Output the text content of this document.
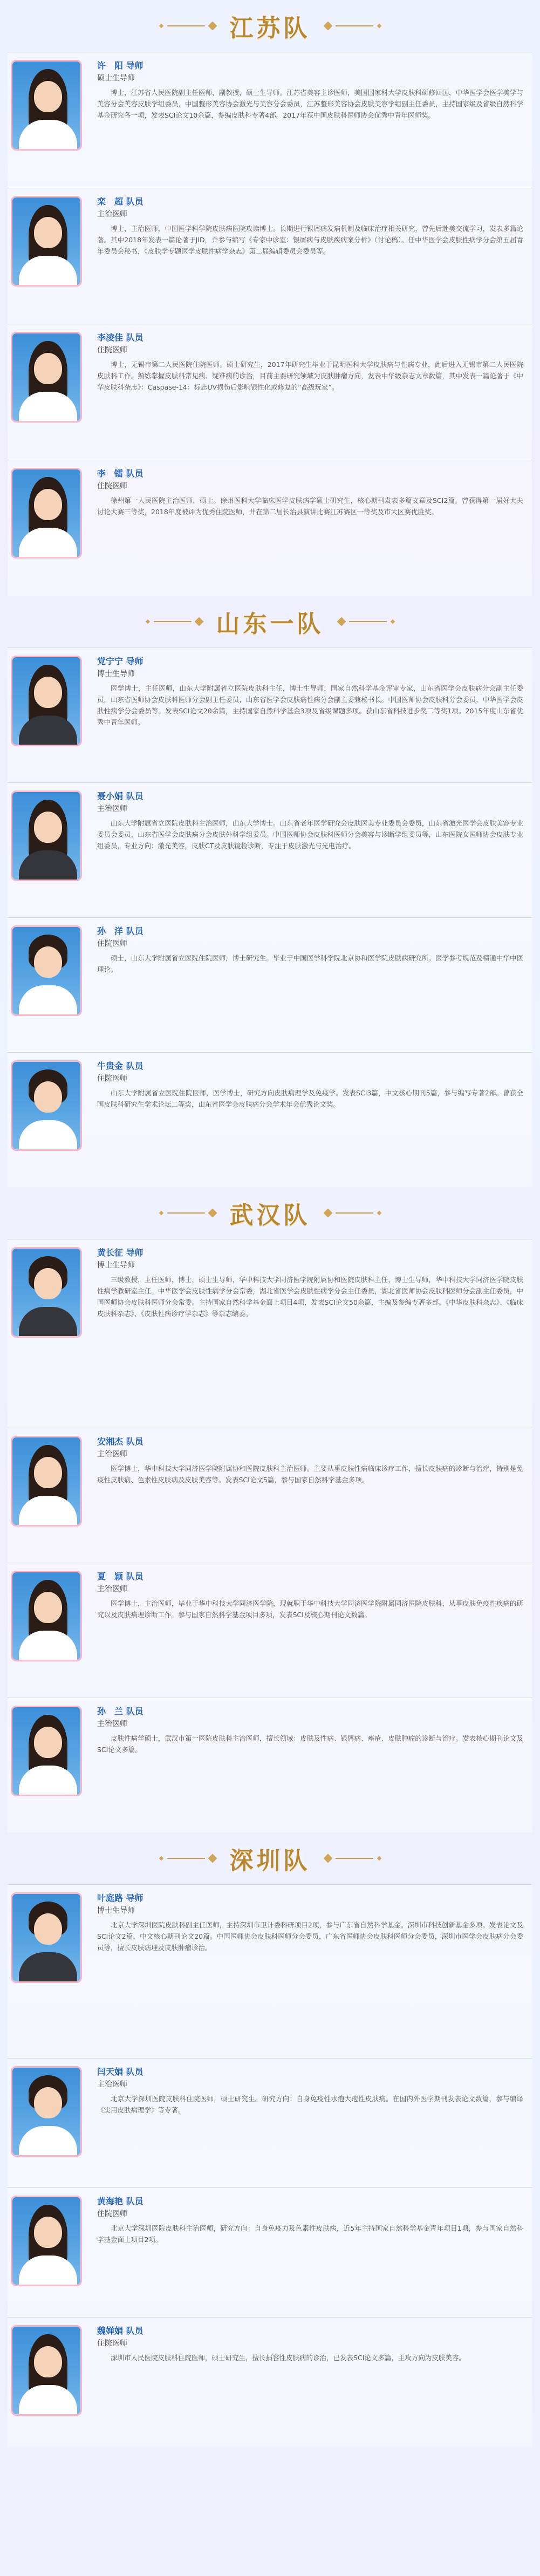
江苏队

许　阳 导师

硕士生导师

博士，江苏省人民医院副主任医师，副教授，硕士生导师。江苏省美容主诊医师，美国国家科大学皮肤科研修回国，中华医学会医学美学与美容分会美容皮肤学组委员，中国整形美容协会激光与美容分会委员，江苏整形美容协会皮肤美容学组副主任委员，主持国家级及省级自然科学基金研究各一项，发表SCI论文10余篇，参编皮肤科专著4部。2017年获中国皮肤科医师协会优秀中青年医师奖。

栾　超 队员

主治医师

博士，主治医师，中国医学科学院皮肤病医院攻读博士。长期进行银屑病发病机制及临床治疗相关研究，曾先后赴美交流学习，发表多篇论著。其中2018年发表一篇论著于JID，并参与编写《专家中诊室：银屑病与皮肤疾病案分析》（讨论稿）。任中华医学会皮肤性病学分会第五届青年委员会秘书，《皮肤学专题医学皮肤性病学杂志》第二届编辑委员会委员等。

李凌佳 队员

住院医师

博士，无锡市第二人民医院住院医师。硕士研究生，2017年研究生毕业于昆明医科大学皮肤病与性病专业，此后进入无锡市第二人民医院皮肤科工作。熟练掌握皮肤科常见病、疑难病的诊治，目前主要研究领域为皮肤肿瘤方向，发表中华级杂志文章数篇，其中发表一篇论著于《中华皮肤科杂志》：Caspase-14：标志UV损伤后影响银性化或修复的“高级玩家”。

李　镭 队员

住院医师

徐州第一人民医院主治医师，硕士。徐州医科大学临床医学皮肤病学硕士研究生，核心期刊发表多篇文章及SCI2篇。曾获得第一届好大夫讨论大赛三等奖，2018年度被评为优秀住院医师，并在第二届长治县演讲比赛江苏赛区一等奖及市大区赛优胜奖。

山东一队

党宁宁 导师

博士生导师

医学博士，主任医师，山东大学附属省立医院皮肤科主任，博士生导师，国家自然科学基金评审专家，山东省医学会皮肤病分会副主任委员，山东省医师协会皮肤科医师分会副主任委员，山东省医学会皮肤病性病分会副主委兼秘书长。中国医师协会皮肤科分会委员，中华医学会皮肤性病学分会委员等。发表SCI论文20余篇，主持国家自然科学基金3项及省级课题多项。获山东省科技进步奖二等奖1项。2015年度山东省优秀中青年医师。

聂小娟 队员

主治医师

山东大学附属省立医院皮肤科主治医师，山东大学博士。山东省老年医学研究会皮肤医美专业委员会委员，山东省激光医学会皮肤美容专业委员会委员，山东省医学会皮肤病分会皮肤外科学组委员。中国医师协会皮肤科医师分会美容与诊断学组委员等，山东医院女医师协会皮肤专业组委员，专业方向：激光美容，皮肤CT及皮肤镜检诊断，专注于皮肤激光与光电治疗。

孙　洋 队员

住院医师

硕士，山东大学附属省立医院住院医师，博士研究生。毕业于中国医学科学院北京协和医学院皮肤病研究所。医学参考规范及精通中华中医理论。

牛贵金 队员

住院医师

山东大学附属省立医院住院医师，医学博士，研究方向皮肤病理学及免疫学。发表SCI3篇，中文核心期刊5篇，参与编写专著2部。曾获全国皮肤科研究生学术论坛二等奖，山东省医学会皮肤病分会学术年会优秀论文奖。

武汉队

黄长征 导师

博士生导师

三级教授，主任医师，博士，硕士生导师，华中科技大学同济医学院附属协和医院皮肤科主任，博士生导师，华中科技大学同济医学院皮肤性病学教研室主任。中华医学会皮肤性病学分会常委，湖北省医学会皮肤性病学分会主任委员，湖北省医师协会皮肤科医师分会副主任委员，中国医师协会皮肤科医师分会常委。主持国家自然科学基金面上项目4项，发表SCI论文50余篇，主编及参编专著多部。《中华皮肤科杂志》、《临床皮肤科杂志》、《皮肤性病诊疗学杂志》等杂志编委。

安湘杰 队员

主治医师

医学博士，华中科技大学同济医学院附属协和医院皮肤科主治医师。主要从事皮肤性病临床诊疗工作，擅长皮肤病的诊断与治疗，特别是免疫性皮肤病、色素性皮肤病及皮肤美容等。发表SCI论文5篇，参与国家自然科学基金多项。

夏　颖 队员

主治医师

医学博士，主治医师，毕业于华中科技大学同济医学院，现就职于华中科技大学同济医学院附属同济医院皮肤科，从事皮肤免疫性疾病的研究以及皮肤病理诊断工作。参与国家自然科学基金项目多项，发表SCI及核心期刊论文数篇。

孙　兰 队员

主治医师

皮肤性病学硕士，武汉市第一医院皮肤科主治医师，擅长领域：皮肤及性病、银屑病、痤疮、皮肤肿瘤的诊断与治疗。发表核心期刊论文及SCI论文多篇。

深圳队

叶庭路 导师

博士生导师

北京大学深圳医院皮肤科副主任医师，主持深圳市卫计委科研项目2项，参与广东省自然科学基金。深圳市科技创新基金多项。发表论文及SCI论文2篇，中文核心期刊论文20篇。中国医师协会皮肤科医师分会委员，广东省医师协会皮肤科医师分会委员，深圳市医学会皮肤病分会委员等，擅长皮肤病理及皮肤肿瘤诊治。

闫天娟 队员

主治医师

北京大学深圳医院皮肤科住院医师，硕士研究生。研究方向：自身免疫性水疱大疱性皮肤病。在国内外医学期刊发表论文数篇，参与编译《实用皮肤病理学》等专著。

黄海艳 队员

住院医师

北京大学深圳医院皮肤科主治医师，研究方向：自身免疫力及色素性皮肤病，近5年主持国家自然科学基金青年项目1项，参与国家自然科学基金面上项目2项。

魏婵娟 队员

住院医师

深圳市人民医院皮肤科住院医师，硕士研究生，擅长损容性皮肤病的诊治，已发表SCI论文多篇，主攻方向为皮肤美容。
